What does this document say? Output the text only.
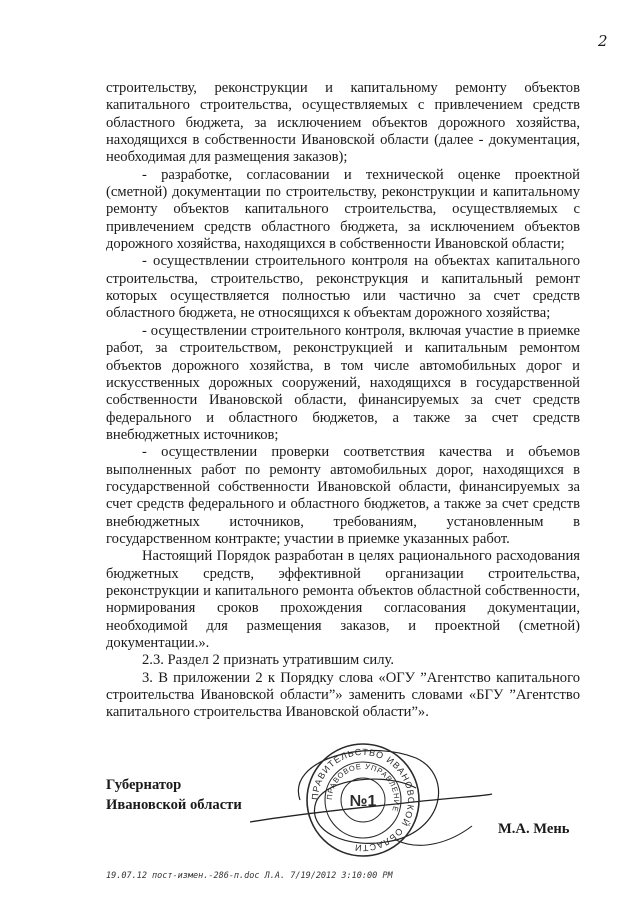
2

строительству, реконструкции и капитальному ремонту объектов капитального строительства, осуществляемых с привлечением средств областного бюджета, за исключением объектов дорожного хозяйства, находящихся в собственности Ивановской области (далее - документация, необходимая для размещения заказов);

- разработке, согласовании и технической оценке проектной (сметной) документации по строительству, реконструкции и капитальному ремонту объектов капитального строительства, осуществляемых с привлечением средств областного бюджета, за исключением объектов дорожного хозяйства, находящихся в собственности Ивановской области;

- осуществлении строительного контроля на объектах капитального строительства, строительство, реконструкция и капитальный ремонт которых осуществляется полностью или частично за счет средств областного бюджета, не относящихся к объектам дорожного хозяйства;

- осуществлении строительного контроля, включая участие в приемке работ, за строительством, реконструкцией и капитальным ремонтом объектов дорожного хозяйства, в том числе автомобильных дорог и искусственных дорожных сооружений, находящихся в государственной собственности Ивановской области, финансируемых за счет средств федерального и областного бюджетов, а также за счет средств внебюджетных источников;

- осуществлении проверки соответствия качества и объемов выполненных работ по ремонту автомобильных дорог, находящихся в государственной собственности Ивановской области, финансируемых за счет средств федерального и областного бюджетов, а также за счет средств внебюджетных источников, требованиям, установленным в государственном контракте; участии в приемке указанных работ.

Настоящий Порядок разработан в целях рационального расходования бюджетных средств, эффективной организации строительства, реконструкции и капитального ремонта объектов областной собственности, нормирования сроков прохождения согласования документации, необходимой для размещения заказов, и проектной (сметной) документации.».

2.3. Раздел 2 признать утратившим силу.

3. В приложении 2 к Порядку слова «ОГУ ”Агентство капитального строительства Ивановской области”» заменить словами «БГУ ”Агентство капитального строительства Ивановской области”».

Губернатор
Ивановской области
ПРАВИТЕЛЬСТВО ИВАНОВСКОЙ ОБЛАСТИ
ПРАВОВОЕ УПРАВЛЕНИЕ
№1
М.А. Мень
19.07.12 пост-измен.-286-п.doc Л.А. 7/19/2012 3:10:00 PM
